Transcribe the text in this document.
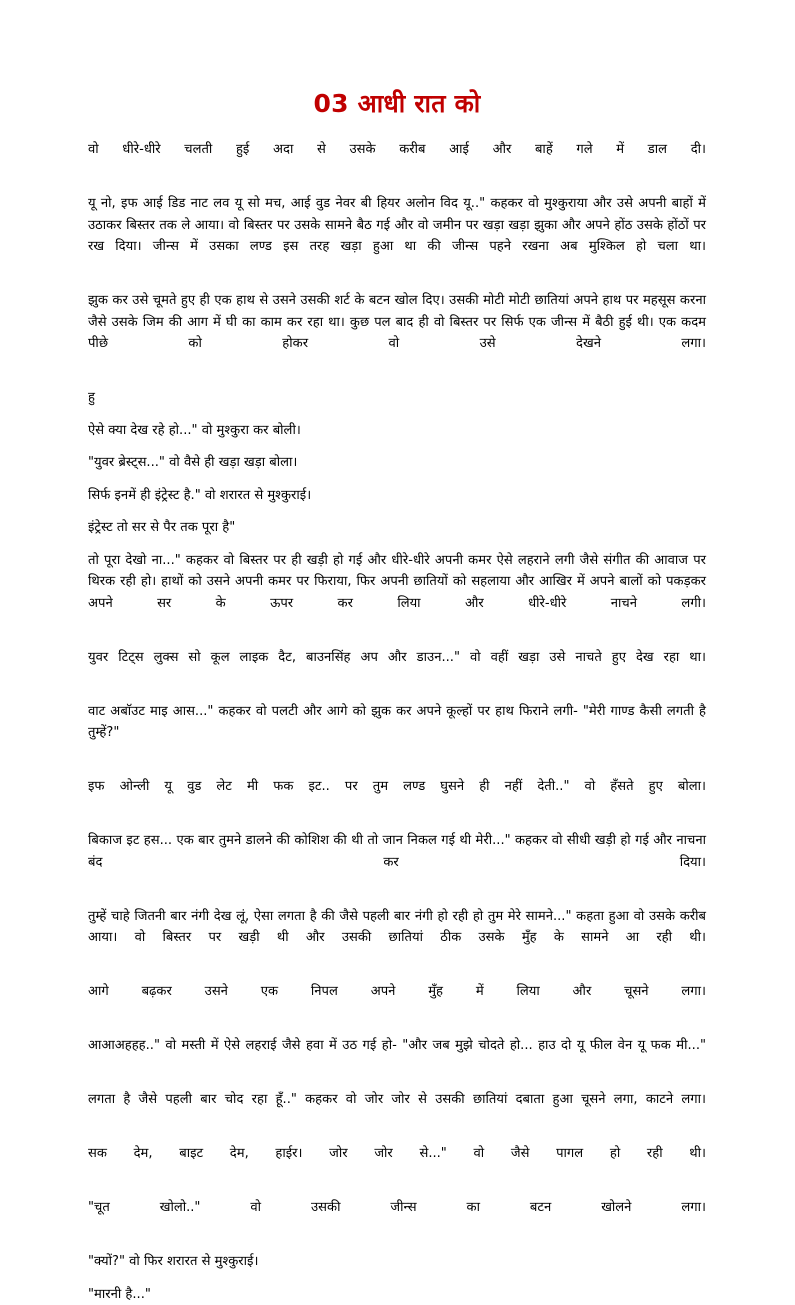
03 आधी रात को

वो धीरे-धीरे चलती हुई अदा से उसके करीब आई और बाहें गले में डाल दी।

यू नो, इफ आई डिड नाट लव यू सो मच, आई वुड नेवर बी हियर अलोन विद यू.." कहकर वो मुश्कुराया और उसे अपनी बाहों में उठाकर बिस्तर तक ले आया। वो बिस्तर पर उसके सामने बैठ गई और वो जमीन पर खड़ा खड़ा झुका और अपने होंठ उसके होंठों पर रख दिया। जीन्स में उसका लण्ड इस तरह खड़ा हुआ था की जीन्स पहने रखना अब मुश्किल हो चला था।

झुक कर उसे चूमते हुए ही एक हाथ से उसने उसकी शर्ट के बटन खोल दिए। उसकी मोटी मोटी छातियां अपने हाथ पर महसूस करना जैसे उसके जिम की आग में घी का काम कर रहा था। कुछ पल बाद ही वो बिस्तर पर सिर्फ एक जीन्स में बैठी हुई थी। एक कदम पीछे को होकर वो उसे देखने लगा।

हु

ऐसे क्या देख रहे हो..." वो मुश्कुरा कर बोली।

"युवर ब्रेस्ट्स..." वो वैसे ही खड़ा खड़ा बोला।

सिर्फ इनमें ही इंट्रेस्ट है." वो शरारत से मुश्कुराई।

इंट्रेस्ट तो सर से पैर तक पूरा है"

तो पूरा देखो ना..." कहकर वो बिस्तर पर ही खड़ी हो गई और धीरे-धीरे अपनी कमर ऐसे लहराने लगी जैसे संगीत की आवाज पर थिरक रही हो। हाथों को उसने अपनी कमर पर फिराया, फिर अपनी छातियों को सहलाया और आखिर में अपने बालों को पकड़कर अपने सर के ऊपर कर लिया और धीरे-धीरे नाचने लगी।

युवर टिट्स लुक्स सो कूल लाइक दैट, बाउनसिंह अप और डाउन..." वो वहीं खड़ा उसे नाचते हुए देख रहा था।

वाट अबाॅउट माइ आस..." कहकर वो पलटी और आगे को झुक कर अपने कूल्हों पर हाथ फिराने लगी- "मेरी गाण्ड कैसी लगती है तुम्हें?"

इफ ओन्ली यू वुड लेट मी फक इट.. पर तुम लण्ड घुसने ही नहीं देती.." वो हँसते हुए बोला।

बिकाज इट हस... एक बार तुमने डालने की कोशिश की थी तो जान निकल गई थी मेरी..." कहकर वो सीधी खड़ी हो गई और नाचना बंद कर दिया।

तुम्हें चाहे जितनी बार नंगी देख लूं, ऐसा लगता है की जैसे पहली बार नंगी हो रही हो तुम मेरे सामने..." कहता हुआ वो उसके करीब आया। वो बिस्तर पर खड़ी थी और उसकी छातियां ठीक उसके मुँह के सामने आ रही थी।

आगे बढ़कर उसने एक निपल अपने मुँह में लिया और चूसने लगा।

आआअहहह.." वो मस्ती में ऐसे लहराई जैसे हवा में उठ गई हो- "और जब मुझे चोदते हो... हाउ दो यू फील वेन यू फक मी..."

लगता है जैसे पहली बार चोद रहा हूँ.." कहकर वो जोर जोर से उसकी छातियां दबाता हुआ चूसने लगा, काटने लगा।

सक देम, बाइट देम, हाईर। जोर जोर से..." वो जैसे पागल हो रही थी।

"चूत खोलो.." वो उसकी जीन्स का बटन खोलने लगा।

"क्यों?" वो फिर शरारत से मुश्कुराई।

"मारनी है..."
